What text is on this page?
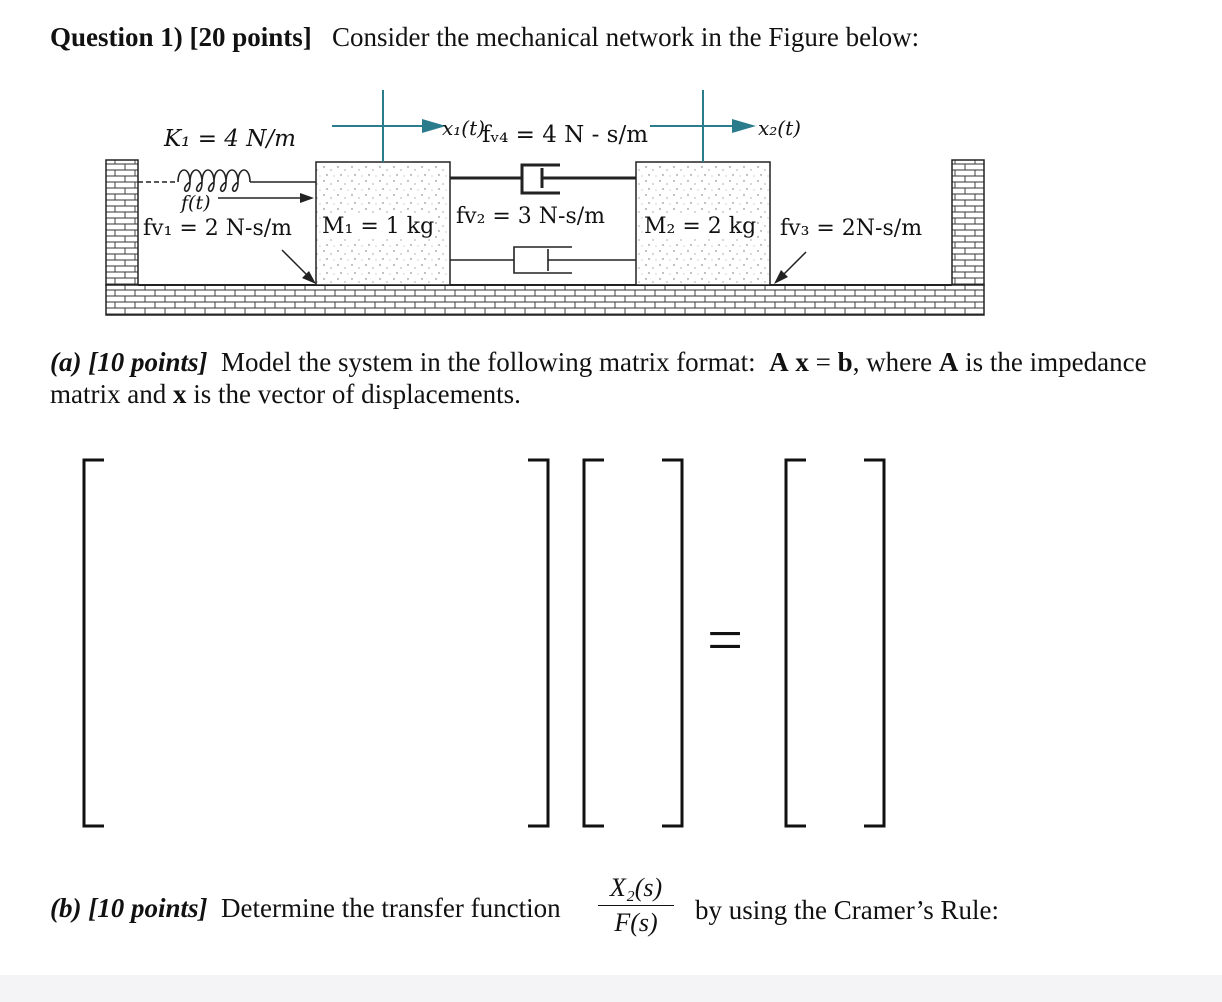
Question 1) [20 points] Consider the mechanical network in the Figure below:
K₁ = 4 N/m	x₁(t)
fᵥ₄ = 4 N - s/m	x₂(t)
f(t)
fv₁ = 2 N-s/m M₁ = 1 kg fv₂ = 3 N-s/m M₂ = 2 kg fv₃ = 2N-s/m
(a) [10 points] Model the system in the following matrix format: A x = b, where A is the impedance matrix and x is the vector of displacements.
=
(b) [10 points] Determine the transfer function $\frac{\text{X₂(s)}}{F(s)}$ by using the Cramer’s Rule:
